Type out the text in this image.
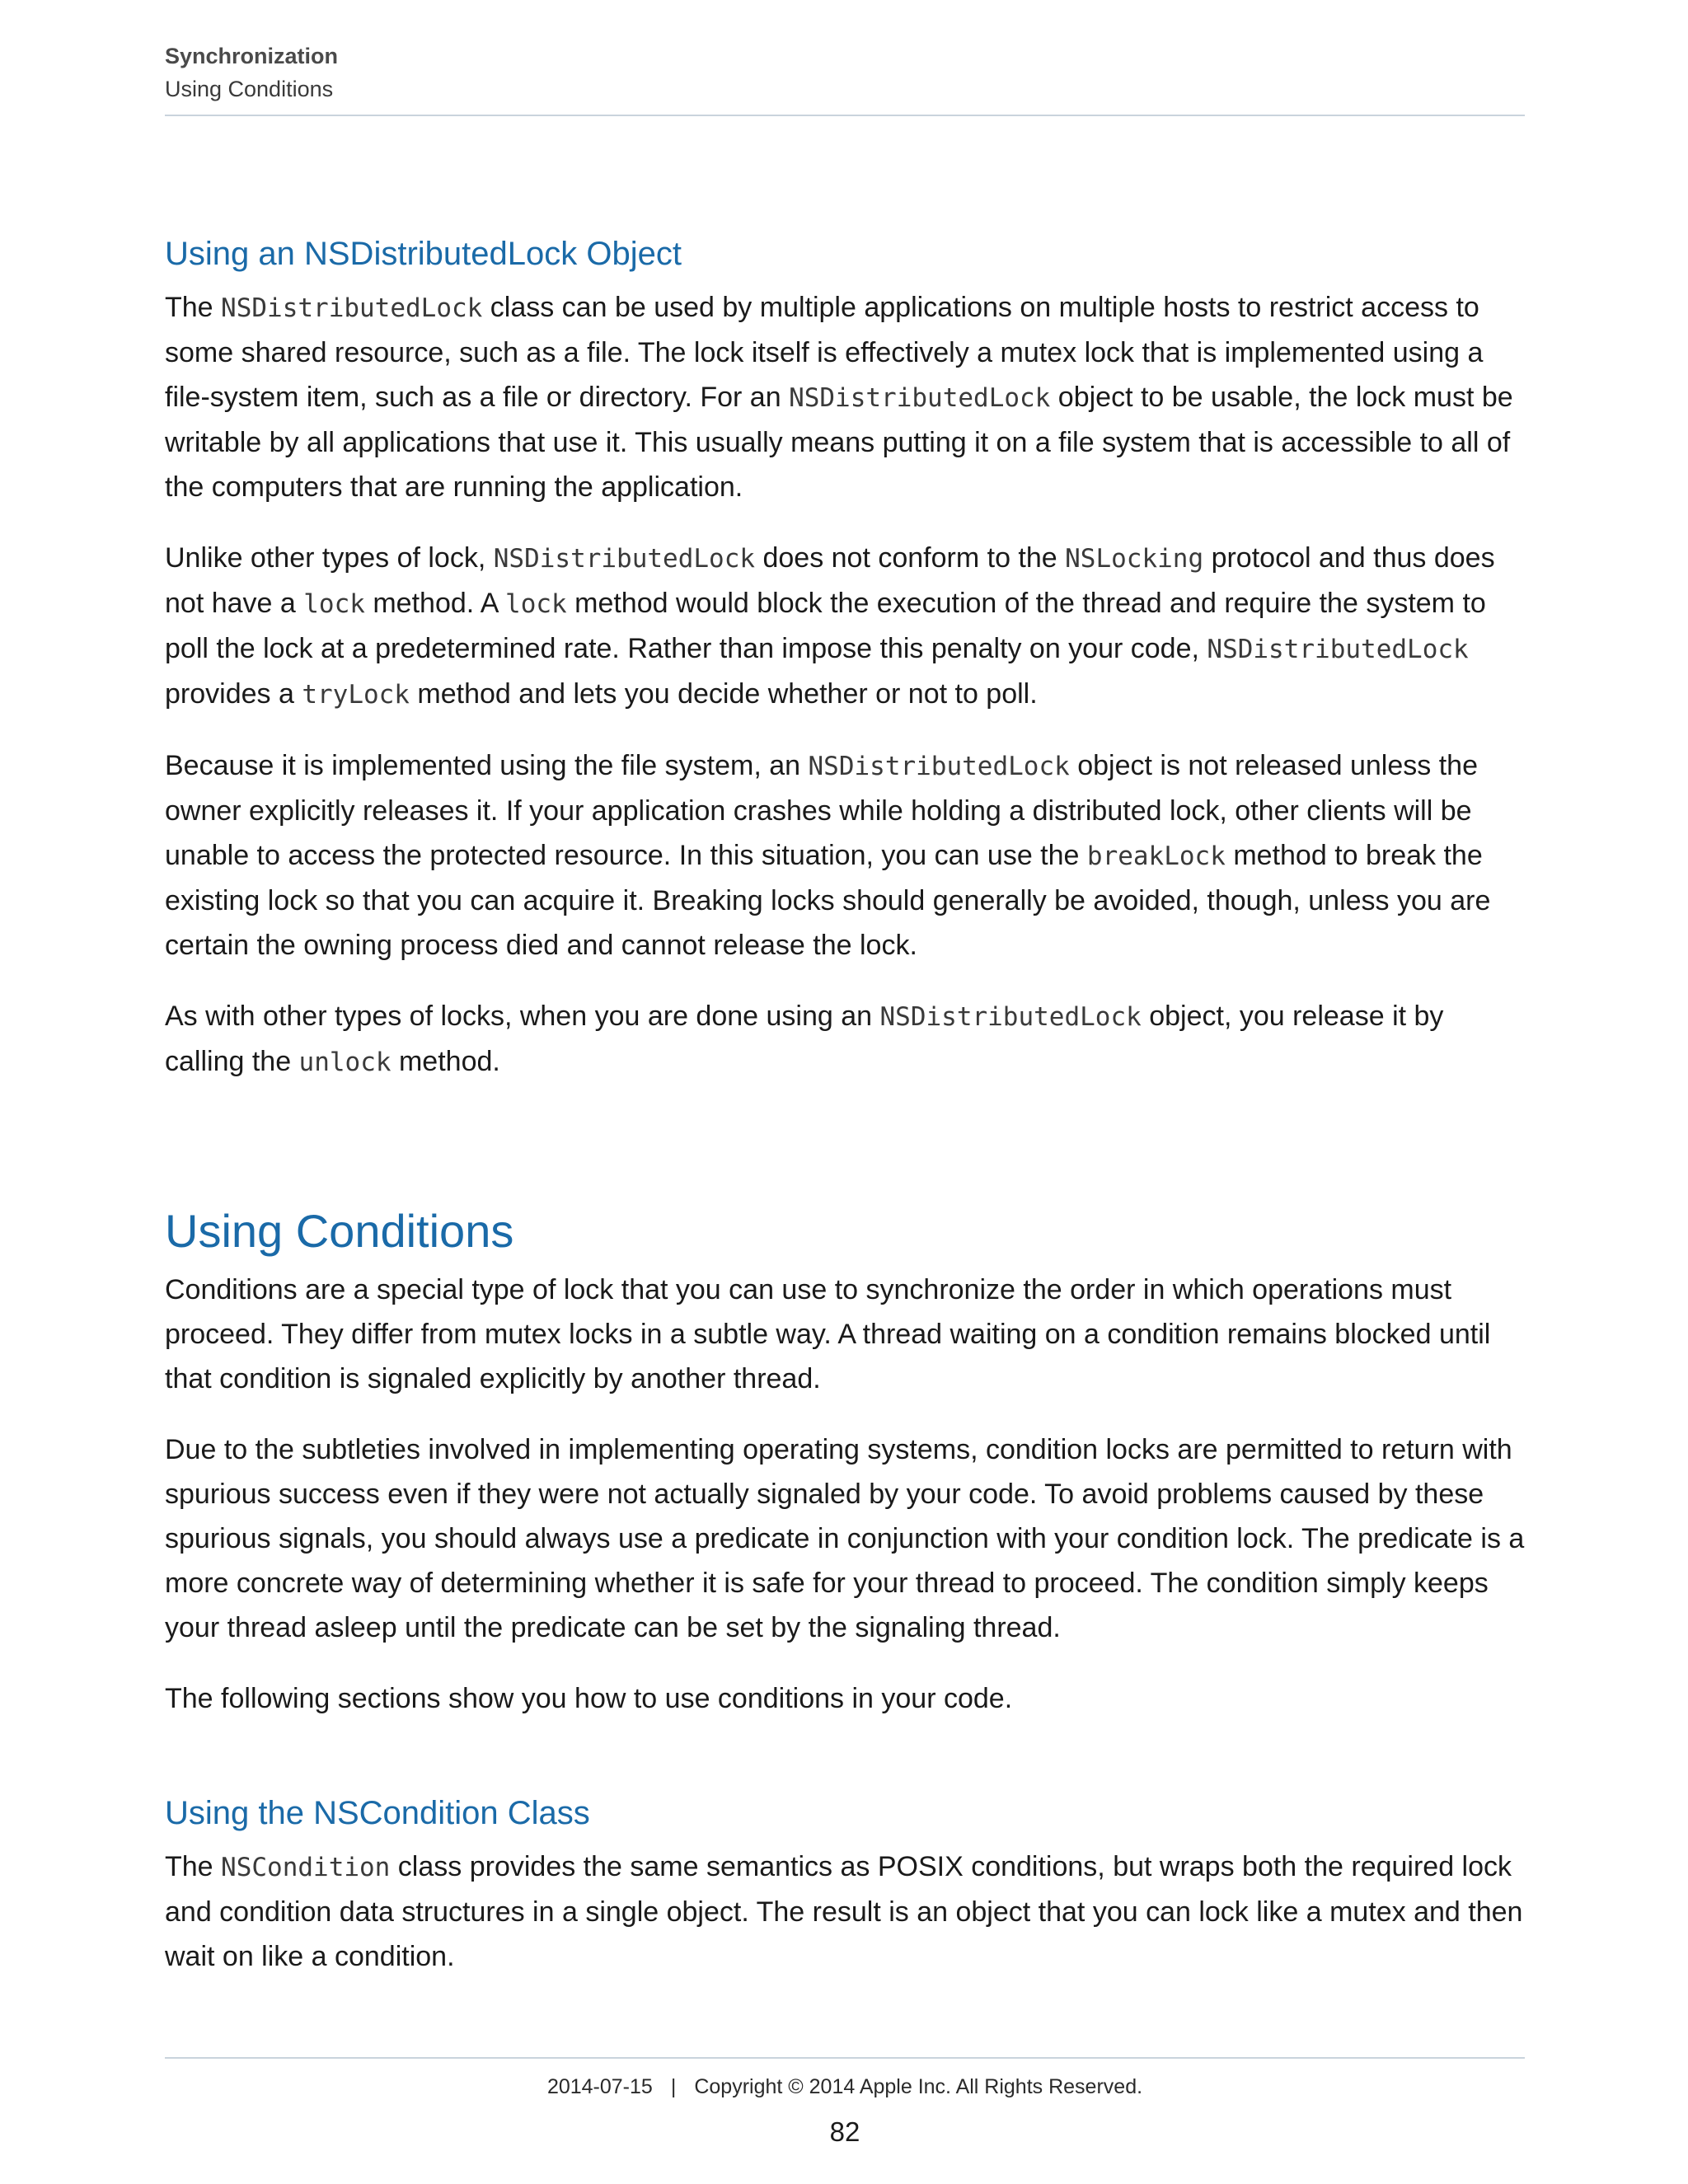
Synchronization
Using Conditions
Using an NSDistributedLock Object

The NSDistributedLock class can be used by multiple applications on multiple hosts to restrict access to some shared resource, such as a file. The lock itself is effectively a mutex lock that is implemented using a file-system item, such as a file or directory. For an NSDistributedLock object to be usable, the lock must be writable by all applications that use it. This usually means putting it on a file system that is accessible to all of the computers that are running the application.

Unlike other types of lock, NSDistributedLock does not conform to the NSLocking protocol and thus does not have a lock method. A lock method would block the execution of the thread and require the system to poll the lock at a predetermined rate. Rather than impose this penalty on your code, NSDistributedLock provides a tryLock method and lets you decide whether or not to poll.

Because it is implemented using the file system, an NSDistributedLock object is not released unless the owner explicitly releases it. If your application crashes while holding a distributed lock, other clients will be unable to access the protected resource. In this situation, you can use the breakLock method to break the existing lock so that you can acquire it. Breaking locks should generally be avoided, though, unless you are certain the owning process died and cannot release the lock.

As with other types of locks, when you are done using an NSDistributedLock object, you release it by calling the unlock method.

Using Conditions

Conditions are a special type of lock that you can use to synchronize the order in which operations must proceed. They differ from mutex locks in a subtle way. A thread waiting on a condition remains blocked until that condition is signaled explicitly by another thread.

Due to the subtleties involved in implementing operating systems, condition locks are permitted to return with spurious success even if they were not actually signaled by your code. To avoid problems caused by these spurious signals, you should always use a predicate in conjunction with your condition lock. The predicate is a more concrete way of determining whether it is safe for your thread to proceed. The condition simply keeps your thread asleep until the predicate can be set by the signaling thread.

The following sections show you how to use conditions in your code.

Using the NSCondition Class

The NSCondition class provides the same semantics as POSIX conditions, but wraps both the required lock and condition data structures in a single object. The result is an object that you can lock like a mutex and then wait on like a condition.

2014-07-15 | Copyright © 2014 Apple Inc. All Rights Reserved.
82
